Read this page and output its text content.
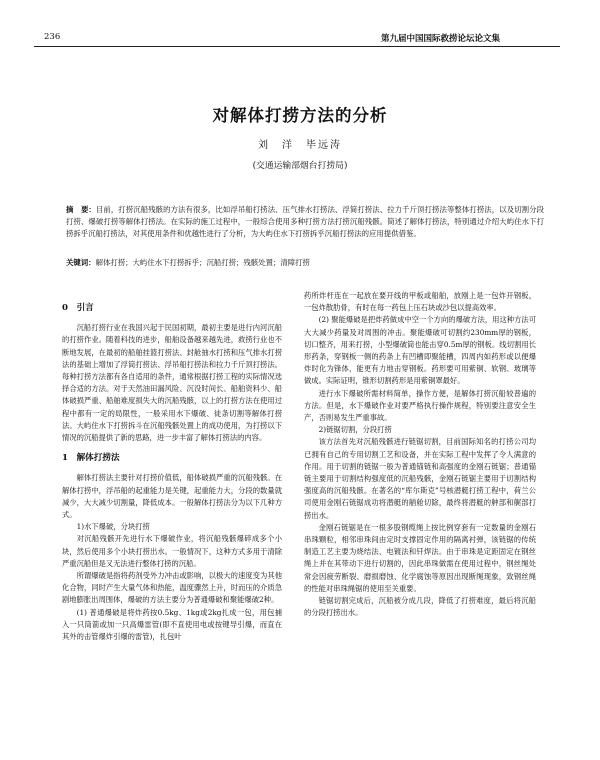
236	第九届中国国际救捞论坛论文集
对解体打捞方法的分析
刘　洋　毕远涛
(交通运输部烟台打捞局)
摘　要：目前，打捞沉船残骸的方法有很多，比如浮吊船打捞法、压气排水打捞法、浮简打捞法、拉力千斤顶打捞法等整体打捞法，以及切割分段打捞、爆破打捞等解体打捞法。在实际的施工过程中，一般综合使用多种打捞方法打捞沉船残骸。简述了解体打捞法，特别通过介绍大屿住水下打捞拆乎沉船打捞法，对其使用条件和优越性进行了分析，为大屿住水下打捞拆乎沉船打捞法的应用提供借鉴。
关键词：解体打捞；大屿住水下打捞拆乎；沉船打捞；残骸处置；清障打捞
0　引言

沉船打捞行业在我国兴起于民国初期，最初主要是进行内河沉船的打捞作业。随着科技的进步，船舶设备越来越先进，救捞行业也不断地发展，在最初的船舶挂篮打捞法、封舱抽水打捞和压气排水打捞法的基础上增加了浮筒打捞法、浮吊船打捞法和拉力千斤顶打捞法。每种打捞方法都有各自适用的条件，通常根据打捞工程的实际情况选择合适的方法。对于天然油田漏风险、沉没时间长、船舶资料少、船体破损严重、船舶难度损失大的沉船残骸，以上的打捞方法在使用过程中都有一定的局限性，一般采用水下爆破、徒条切割等解体打捞法。大屿住水下打捞拆斗在沉船残骸处置上的成功使用，为打捞以下情况的沉船提供了新的思路，进一步丰富了解体打捞法的内容。

1　解体打捞法

解体打捞法主要针对打捞价值低，船体破损严重的沉船残骸。在解体打捞中，浮吊船的起重能力是关键，起重能力大，分段的数量就减少，大大减少切割量，降低成本。一般解体打捞法分为以下几种方式。

1)水下爆破，分块打捞

对沉船残骸开先进行水下爆破作业，将沉船残骸爆碎成多个小块，然后使用多个小块打捞出水。一般情况下，这种方式多用于清除严重沉船但是又无法进行整体打捞的沉船。

所谓爆破是指将药剂受外力冲击或影响，以极大的速度变为其他化合物，同时产生大量气体和热能，温度骤然上升，时而压的介质急剧地膨胀出周围体，爆破的方法主要分为普通爆破和聚能爆破2种。

(1) 普通爆破是将炸药按0.5kg、1kg或2kg扎成一包，用包捕入一只筒箭或加一只高爆雷管(即不直使用电或按键导引爆，而直在其外的击管爆炸引爆的雷管)，扎包叶

药所炸杆连在一起放在要开线的甲板或船舶，放刚上是一包炸开钢板，一包炸散肋骨，有时在每一药包上压石块或沙包以提高效率。

(2) 聚能爆破是把炸药做成中空一个方向的爆破方法，用这种方法可大大减少药量及对周围的冲击。聚能爆破可切割约230mm厚的钢板，切口整齐，用来打捞，小型爆破筒也能击穿0.5m厚的钢板。线切割用长形药条，穿钢板一侧的药条上有凹槽即聚能槽，四周内如药形或以便爆炸时化为锋体，能更有力地击穿钢板。药形要可用紫铜、软钢、玻璃等做成。实际证明，锥形切割药形是用紫铜罩最好。

进行水下爆破所需材料简单，操作方便，是解体打捞沉船较普遍的方法。但是，水下爆破作业对要严格执行操作规程，特别要注意安全生产，否则易发生严重事故。

2)链锯切割，分段打捞

该方法首先对沉船残骸进行链锯切割，目前国际知名的打捞公司均已拥有自己的专用切割工艺和设备，并在实际工程中发挥了令人满意的作用。用于切割的链锯一般为普通锚链和高强度的金刚石链锯；普通锚链主要用于切割结构强度低的沉船残骸，金刚石链锯主要用于切割结构强度高的沉船残骸。在著名的“库尔斯克”号核潜艇打捞工程中，荷兰公司使用金刚石链锯成功将潜艇的艏舱切除，最终将潜艇的舯部和艉部打捞出水。

金刚石链锯是在一根多股钢缆绳上按比例穿套有一定数量的金刚石串珠颗粒，相邻串珠间由定时支撑固定作用的隔离衬弹，该链锯的传统制造工艺主要为烧结法、电镀法和钎焊法。由于串珠是定距固定在钢丝绳上并在其带动下进行切割的，因此串珠做需在使用过程中，钢丝绳处常会因疲劳断裂、磨损磨蚀、化学腐蚀等原因出现断绳现象，致钢丝绳的性能对串珠绳锯的使用至关重要。

链锯切割完成后，沉船被分成几段，降低了打捞难度，最后将沉船的分段打捞出水。
